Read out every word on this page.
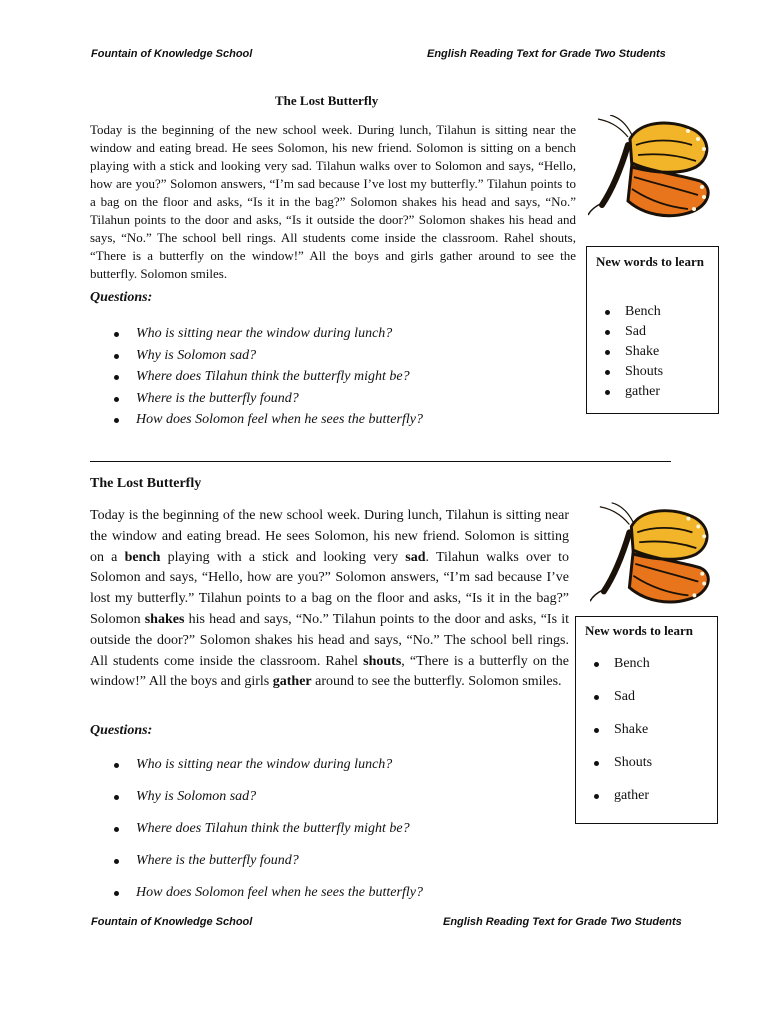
Fountain of Knowledge School	English Reading Text for Grade Two Students
The Lost Butterfly

Today is the beginning of the new school week. During lunch, Tilahun is sitting near the window and eating bread. He sees Solomon, his new friend. Solomon is sitting on a bench playing with a stick and looking very sad. Tilahun walks over to Solomon and says, “Hello, how are you?” Solomon answers, “I’m sad because I’ve lost my butterfly.” Tilahun points to a bag on the floor and asks, “Is it in the bag?” Solomon shakes his head and says, “No.” Tilahun points to the door and asks, “Is it outside the door?” Solomon shakes his head and says, “No.” The school bell rings. All students come inside the classroom. Rahel shouts, “There is a butterfly on the window!” All the boys and girls gather around to see the butterfly. Solomon smiles.

Questions:
Who is sitting near the window during lunch?
Why is Solomon sad?
Where does Tilahun think the butterfly might be?
Where is the butterfly found?
How does Solomon feel when he sees the butterfly?
New words to learn
Bench
Sad
Shake
Shouts
gather
The Lost Butterfly

Today is the beginning of the new school week. During lunch, Tilahun is sitting near the window and eating bread. He sees Solomon, his new friend. Solomon is sitting on a bench playing with a stick and looking very sad. Tilahun walks over to Solomon and says, “Hello, how are you?” Solomon answers, “I’m sad because I’ve lost my butterfly.” Tilahun points to a bag on the floor and asks, “Is it in the bag?” Solomon shakes his head and says, “No.” Tilahun points to the door and asks, “Is it outside the door?” Solomon shakes his head and says, “No.” The school bell rings. All students come inside the classroom. Rahel shouts, “There is a butterfly on the window!” All the boys and girls gather around to see the butterfly. Solomon smiles.

Questions:
Who is sitting near the window during lunch?
Why is Solomon sad?
Where does Tilahun think the butterfly might be?
Where is the butterfly found?
How does Solomon feel when he sees the butterfly?
New words to learn
Bench
Sad
Shake
Shouts
gather
Fountain of Knowledge School	English Reading Text for Grade Two Students
